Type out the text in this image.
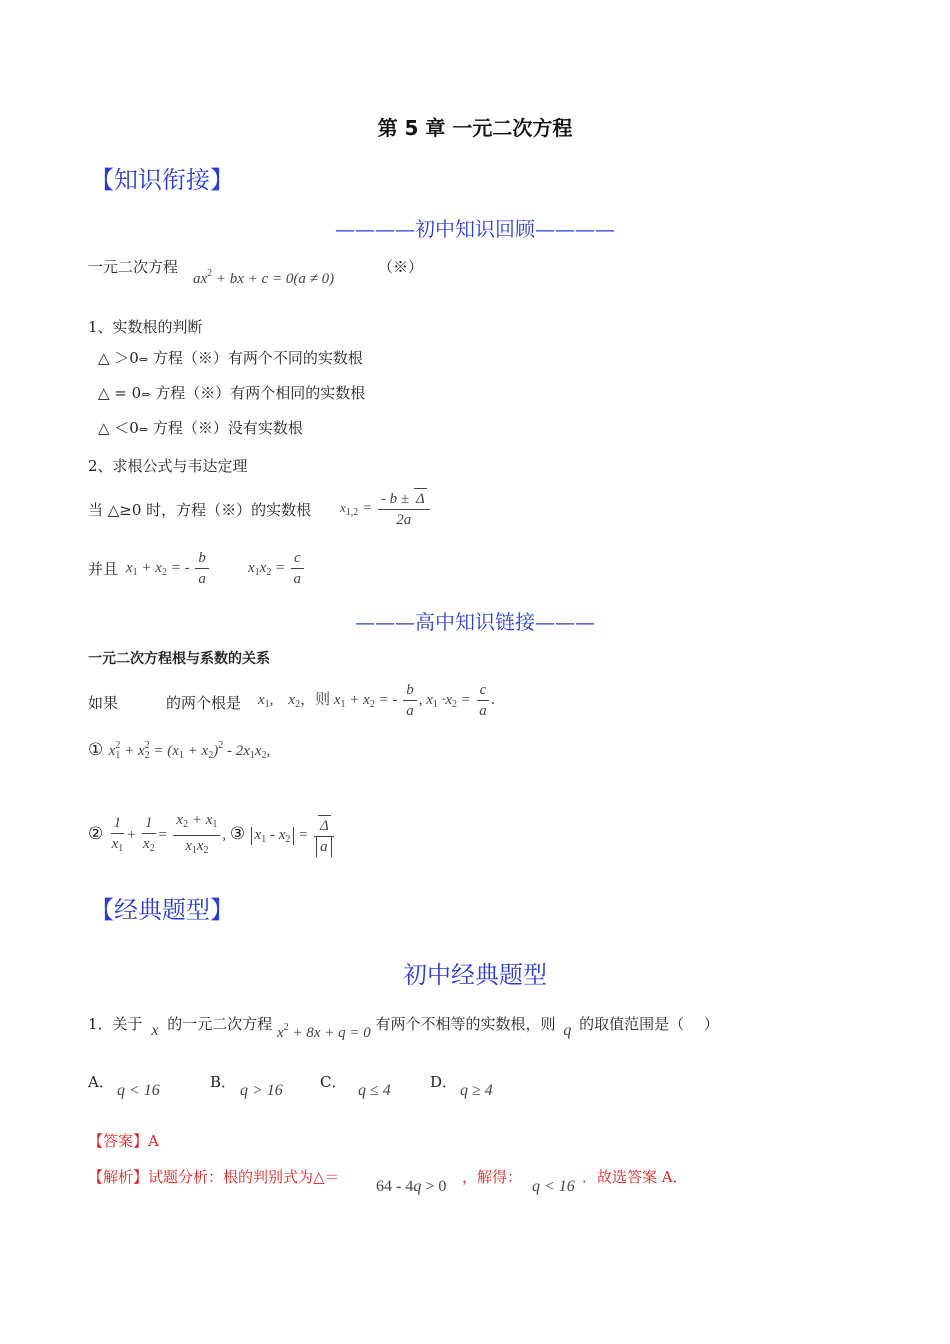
第 5 章 一元二次方程
【知识衔接】
————初中知识回顾————
一元二次方程
$ax^2$ + bx + c = 0(a ≠ 0)
（※）
1、实数根的判断
△ ＞0⇔ 方程（※）有两个不同的实数根
△ = 0⇔ 方程（※）有两个相同的实数根
△ ＜0⇔ 方程（※）没有实数根
2、求根公式与韦达定理
当 △≥0 时，方程（※）的实数根 $x_{1,2} = \frac{- b \pm \Delta}{2a}$
并且 $x_1 + x_2$ = - $\frac{b}{a}$	$x_1x_2 = \frac{c}{a}$
———高中知识链接———
一元二次方程根与系数的关系
如果	的两个根是 $x_1$,　$x_2$，则 $x_1 + x_2$ = - $\frac{b}{a}$ , $x_1 \cdot x_2 = \frac{c}{a}$ .
① $x_1^2 + x_2^2 = (x_1 + x_2)^2 - 2x_1x_2$,
② $\frac{1}{x_1} + \frac{1}{x_2} = \frac{x_2 + x_1}{x_1x_2}$ , ③ $x_1 - x_2 = \frac{\Delta}{a}$
【经典题型】
初中经典题型
1．关于 x 的一元二次方程 $x^2 + 8x + q = 0$ 有两个不相等的实数根，则 q 的取值范围是（　 ）
A． q < 16	B． q > 16 C． q ≤ 4	D． q ≥ 4
【答案】A
【解析】试题分析：根的判别式为△＝
64 - 4q > 0
，解得：
q < 16
．故选答案 A．
